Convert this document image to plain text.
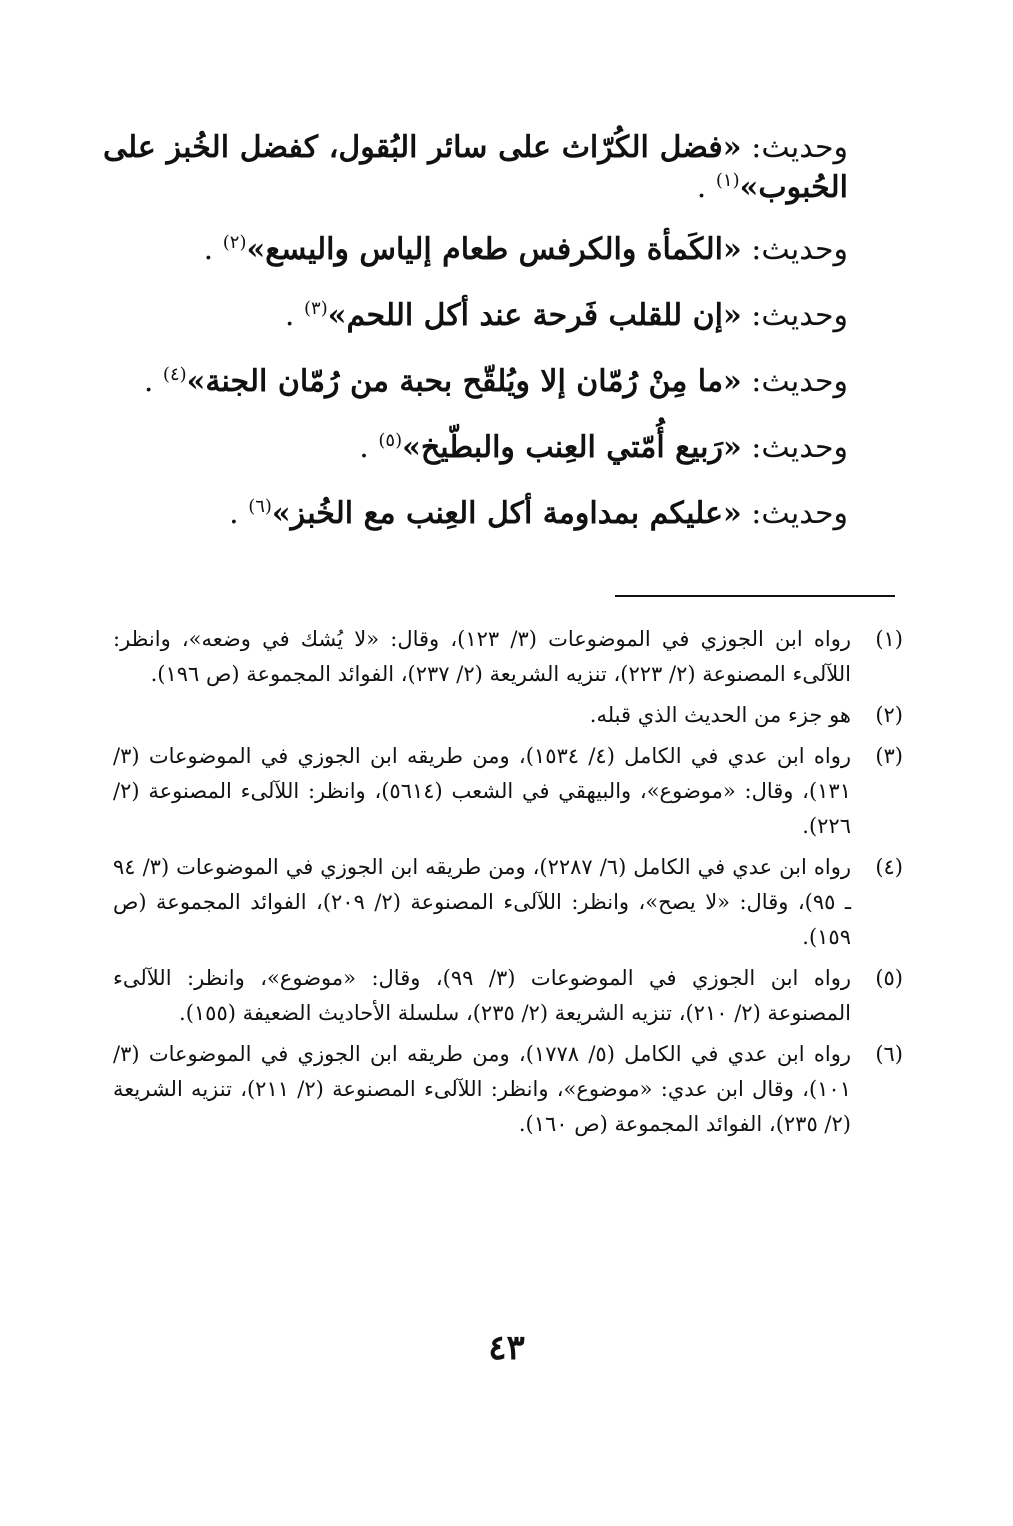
وحديث: «فضل الكُرّاث على سائر البُقول، كفضل الخُبز على الحُبوب»$^{(١)}$ .

وحديث: «الكَمأة والكرفس طعام إلياس واليسع»$^{(٢)}$ .

وحديث: «إن للقلب فَرحة عند أكل اللحم»$^{(٣)}$ .

وحديث: «ما مِنْ رُمّان إلا ويُلقّح بحبة من رُمّان الجنة»$^{(٤)}$ .

وحديث: «رَبيع أُمّتي العِنب والبطّيخ»$^{(٥)}$ .

وحديث: «عليكم بمداومة أكل العِنب مع الخُبز»$^{(٦)}$ .

(١)
رواه ابن الجوزي في الموضوعات (٣/ ١٢٣)، وقال: «لا يُشك في وضعه»، وانظر: اللآلىء المصنوعة (٢/ ٢٢٣)، تنزيه الشريعة (٢/ ٢٣٧)، الفوائد المجموعة (ص ١٩٦).
(٢)
هو جزء من الحديث الذي قبله.
(٣)
رواه ابن عدي في الكامل (٤/ ١٥٣٤)، ومن طريقه ابن الجوزي في الموضوعات (٣/ ١٣١)، وقال: «موضوع»، والبيهقي في الشعب (٥٦١٤)، وانظر: اللآلىء المصنوعة (٢/ ٢٢٦).
(٤)
رواه ابن عدي في الكامل (٦/ ٢٢٨٧)، ومن طريقه ابن الجوزي في الموضوعات (٣/ ٩٤ ـ ٩٥)، وقال: «لا يصح»، وانظر: اللآلىء المصنوعة (٢/ ٢٠٩)، الفوائد المجموعة (ص ١٥٩).
(٥)
رواه ابن الجوزي في الموضوعات (٣/ ٩٩)، وقال: «موضوع»، وانظر: اللآلىء المصنوعة (٢/ ٢١٠)، تنزيه الشريعة (٢/ ٢٣٥)، سلسلة الأحاديث الضعيفة (١٥٥).
(٦)
رواه ابن عدي في الكامل (٥/ ١٧٧٨)، ومن طريقه ابن الجوزي في الموضوعات (٣/ ١٠١)، وقال ابن عدي: «موضوع»، وانظر: اللآلىء المصنوعة (٢/ ٢١١)، تنزيه الشريعة (٢/ ٢٣٥)، الفوائد المجموعة (ص ١٦٠).
٤٣
